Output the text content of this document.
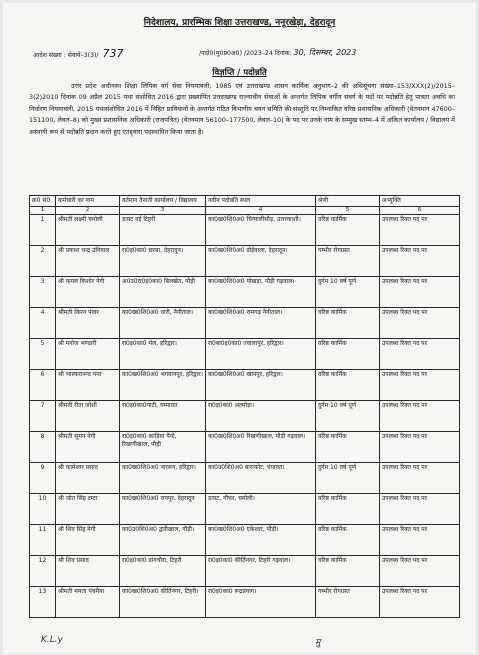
निदेशालय, प्रारम्भिक शिक्षा उत्तराखण्ड, ननूरखेड़ा, देहरादून
आदेश संख्या : सेवायें–3(3)/ 737	/पदो0(मु0प्र0अ0) /2023–24 दिनांक: 30, दिसम्बर, 2023
विज्ञप्ति / पदोन्नति
उत्तर प्रदेश अधीनस्थ शिक्षा लिपिक वर्ग सेवा नियमावली, 1985 एवं उत्तराखण्ड शासन कार्मिक अनुभाग–2 की अधिसूचना संख्या–153/XXX(2)/2015–3(2)2010 दिनांक 09 अप्रैल 2015 यथा संशोधित 2016 द्वारा प्रख्यापित उत्तराखण्ड राज्याधीन सेवाओं के अन्तर्गत लिपिक वर्गीय संवर्ग के पदों पर पदोन्नति हेतु पात्रता अवधि का निर्धारण नियमावली, 2015 यथासंशोधित 2016 में निहित प्राविधानों के अन्तर्गत गठित विभागीय चयन समिति की संस्तुति पर निम्नांकित वरिष्ठ प्रशासनिक अधिकारी (वेतनमान 47600–151100, लेवल–8) को मुख्य प्रशासनिक अधिकारी (राजपत्रित) (वेतनमान 56100–177500, लेवल–10) के पद पर उनके नाम के सम्मुख स्तम्भ–4 में अंकित कार्यालय / विद्यालय में अस्थायी रूप से पदोन्नति प्रदान करते हुए एतद्द्वारा पदस्थापित किया जाता है।
क्र0 सं0	कर्मचारी का नाम	वर्तमान तैनाती कार्यालय / विद्यालय	नवीन पदोन्नति स्थल	श्रेणी	अभ्युक्ति
1	2	3	4	5	6
1	श्रीमती लक्ष्मी चमोली	डायट नई टिहरी	का0ख0शि0अ0 चिन्यालीसौड़, उत्तरकाशी।	वरिष्ठ कार्मिक	उपलब्ध रिक्त पद पर
2	श्री प्रकाश चन्द्र उनियाल	रा0इ0का0 छरबा, देहरादून।	का0ख0शि0अ0 डोईवाला, देहरादून।	गम्भीर रोगग्रस्त	उपलब्ध रिक्त पद पर
3	श्री कमल किशोर नेगी	अ0उ0रा0इ0का0 बिलखेत, पौड़ी	का0ख0शि0अ0 पोखड़ा, पौड़ी गढ़वाल।	दुर्गम 10 वर्ष पूर्ण	उपलब्ध रिक्त पद पर
4	श्रीमती किरन पंवार	का0ख0शि0अ0 धारी, नैनीताल।	का0ख0शि0अ0 रामगढ़ नैनीताल।	वरिष्ठ कार्मिक	उपलब्ध रिक्त पद पर
5	श्री मनोज भण्डारी	रा0इ0का0 मेल, हरिद्वार।	रा0बा0इ0का0 ज्वालापुर, हरिद्वार।	वरिष्ठ कार्मिक	उपलब्ध रिक्त पद पर
6	श्री भास्करानन्द पन्त	का0ख0शि0अ0 भगवानपुर, हरिद्वार।	का0ख0शि0अ0 खानपुर, हरिद्वार।	वरिष्ठ कार्मिक	उपलब्ध रिक्त पद पर
7	श्रीमती रीता जोशी	रा0इ0का0पाटी, चम्पावत	रा0इ0का0 अल्मोड़ा।	दुर्गम 10 वर्ष पूर्ण	उपलब्ध रिक्त पद पर
8	श्रीमती सुमन नेगी	रा0इ0का0 कांडिया पैनो, रिखणीखाल, पौड़ी	का0ख0शि0अ0 रिखणीखाल, पौड़ी गढ़वाल।	वरिष्ठ कार्मिक	उपलब्ध रिक्त पद पर
9	श्री कामेश्वर प्रसाद	का0ख0शि0अ0 नारसन, हरिद्वार।	का0उ0शि0अ0 बाराकोट, चंपावत।	दुर्गम 10 वर्ष पूर्ण	उपलब्ध रिक्त पद पर
10	श्री जोत सिंह टम्टा	का0ख0शि0अ0 रायपुर, देहरादून	डायट, गौचर, चमोली।	वरिष्ठ कार्मिक	उपलब्ध रिक्त पद पर
11	श्री शिव सिंह नेगी	का0उ0शि0अ0 द्वारीखाल, पौड़ी।	का0ख0शि0अ0 एकेश्वर, पौड़ी।	वरिष्ठ कार्मिक	उपलब्ध रिक्त पद पर
12	श्री शिव प्रसाद	रा0इ0का0 डांगचौरा, टिहरी	रा0इ0का0 कीर्तिनगर, टिहरी गढ़वाल।	वरिष्ठ कार्मिक	उपलब्ध रिक्त पद पर
13	श्रीमती ममता पंचमैया	का0ख0शि0अ0 कीर्तिनगर, टिहरी।	रा0इ0का0 रूद्रप्रयाग।	गम्भीर रोगग्रस्त	उपलब्ध रिक्त पद पर
K.L.y	मु
